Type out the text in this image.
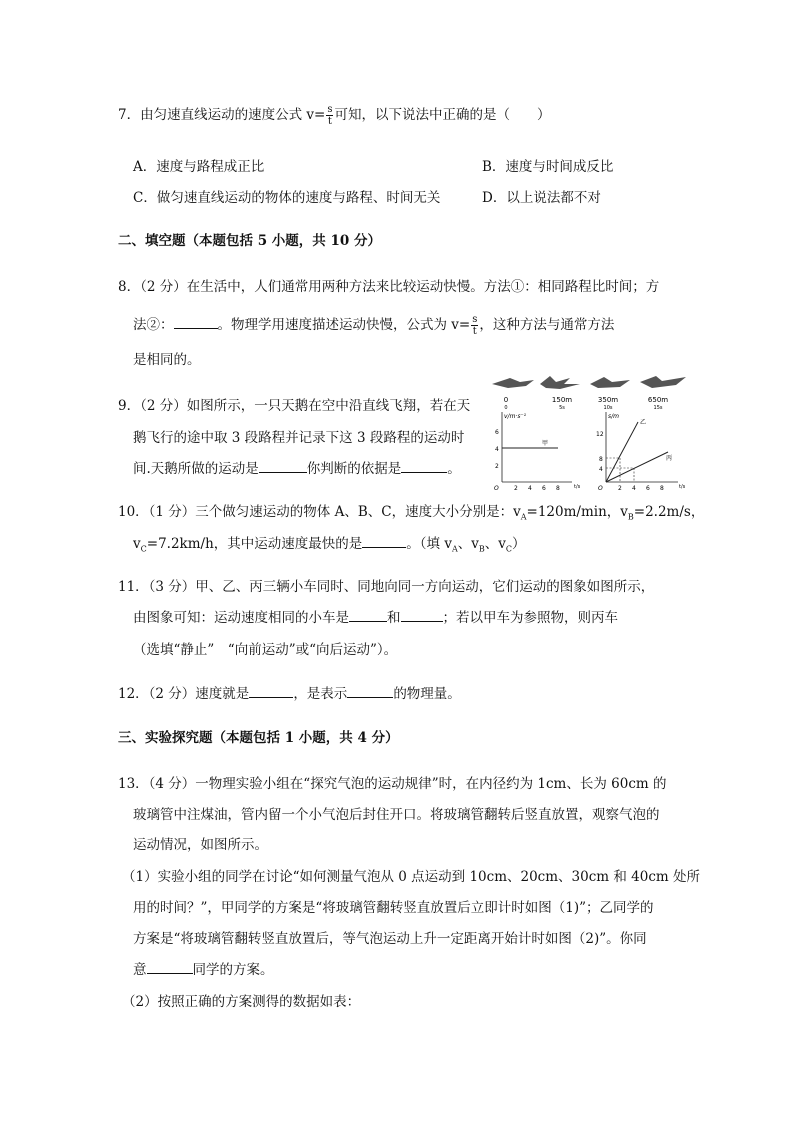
7．由匀速直线运动的速度公式 $v= \frac{s}{t}$ 可知，以下说法中正确的是（　　）
A．速度与路程成正比	B．速度与时间成反比
C．做匀速直线运动的物体的速度与路程、时间无关	D．以上说法都不对
二、填空题（本题包括 5 小题，共 10 分）
8．（2 分）在生活中，人们通常用两种方法来比较运动快慢。方法①：相同路程比时间；方
法②：	。物理学用速度描述运动快慢，公式为 $v= \frac{s}{t}$ ，这种方法与通常方法
是相同的。
9．（2 分）如图所示，一只天鹅在空中沿直线飞翔，若在天
鹅飞行的途中取 3 段路程并记录下这 3 段路程的运动时
间.天鹅所做的运动是	你判断的依据是	。
0	150m	350m	650m
0	5s	10s	15s
v/m·s⁻¹
t/s
O
2
4
6
2 4 6 8
甲
s/m
t/s
O
4
8
12
2 4 6 8
乙
丙
10．（1 分）三个做匀速运动的物体 A、B、C，速度大小分别是：$v_A=120m/\min$，$v_B=2.2m/s$，
$v_C=7.2km/h$，其中运动速度最快的是	。（填 $v_A$、$v_B$、$v_C$）
11．（3 分）甲、乙、丙三辆小车同时、同地向同一方向运动，它们运动的图象如图所示，
由图象可知：运动速度相同的小车是	和	；若以甲车为参照物，则丙车
（选填“静止”　“向前运动”或“向后运动”）。
12．（2 分）速度就是	，是表示	的物理量。
三、实验探究题（本题包括 1 小题，共 4 分）
13．（4 分）一物理实验小组在“探究气泡的运动规律”时，在内径约为 1cm、长为 60cm 的
玻璃管中注煤油，管内留一个小气泡后封住开口。将玻璃管翻转后竖直放置，观察气泡的
运动情况，如图所示。
（1）实验小组的同学在讨论“如何测量气泡从 0 点运动到 10cm、20cm、30cm 和 40cm 处所
用的时间？”，甲同学的方案是“将玻璃管翻转竖直放置后立即计时如图（1)”；乙同学的
方案是“将玻璃管翻转竖直放置后，等气泡运动上升一定距离开始计时如图（2)”。你同
意	同学的方案。
（2）按照正确的方案测得的数据如表：
